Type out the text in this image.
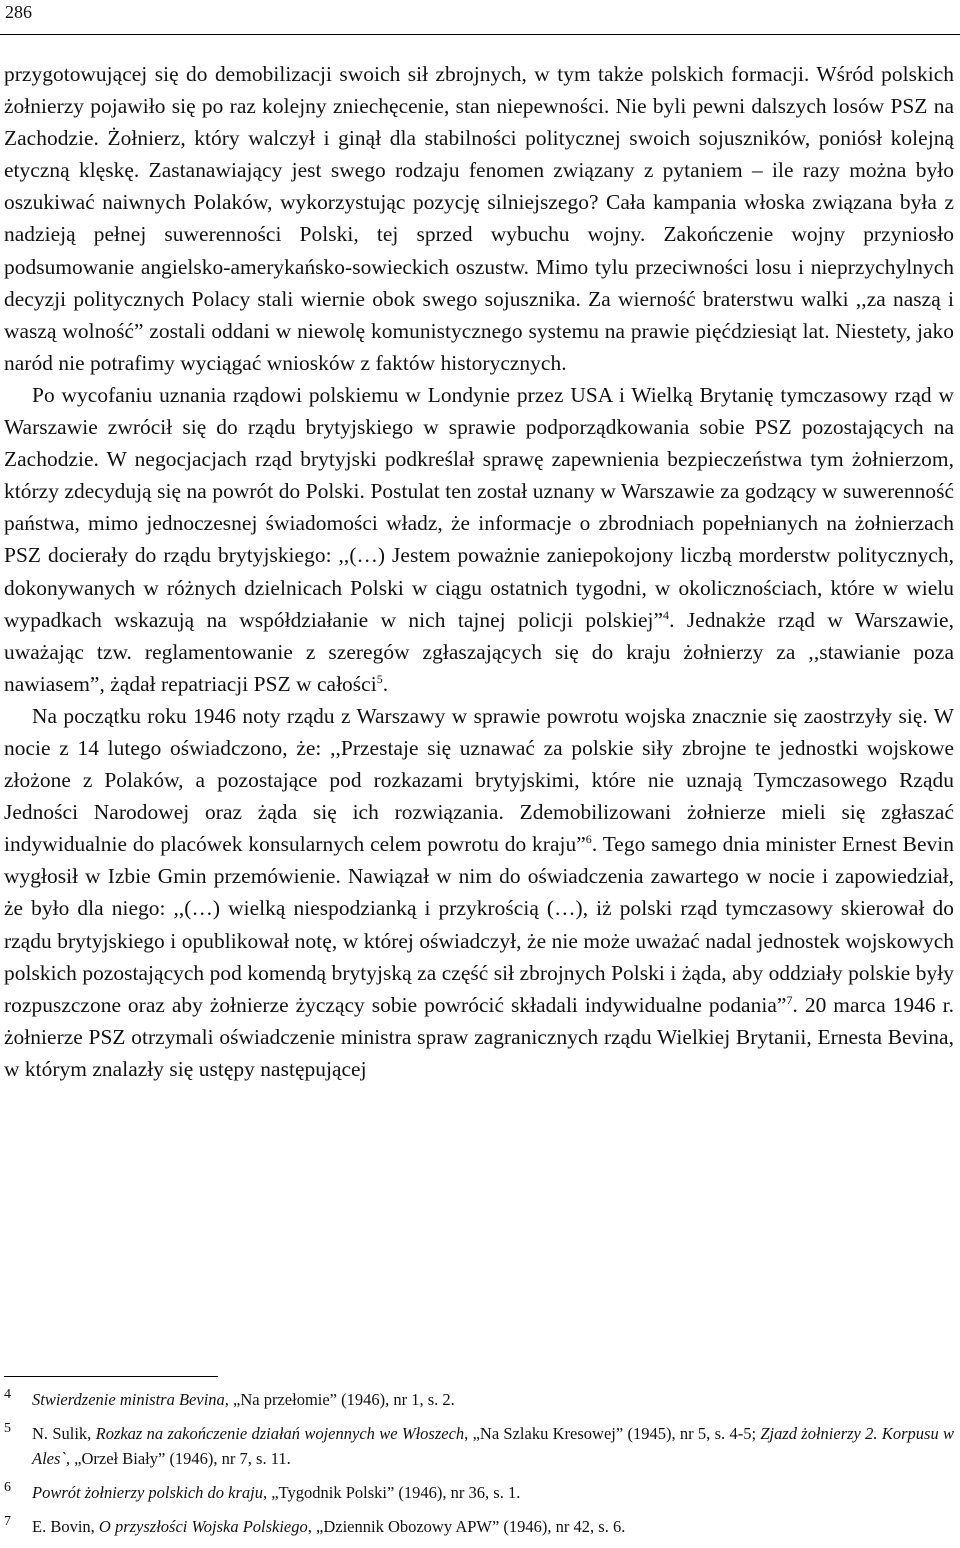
286

przygotowującej się do demobilizacji swoich sił zbrojnych, w tym także polskich formacji. Wśród polskich żołnierzy pojawiło się po raz kolejny zniechęcenie, stan niepewności. Nie byli pewni dalszych losów PSZ na Zachodzie. Żołnierz, który walczył i ginął dla stabilności politycznej swoich sojuszników, poniósł kolejną etyczną klęskę. Zastanawiający jest swego rodzaju fenomen związany z pytaniem – ile razy można było oszukiwać naiwnych Polaków, wykorzystując pozycję silniejszego? Cała kampania włoska związana była z nadzieją pełnej suwerenności Polski, tej sprzed wybuchu wojny. Zakończenie wojny przyniosło podsumowanie angielsko-amerykańsko-sowieckich oszustw. Mimo tylu przeciwności losu i nieprzychylnych decyzji politycznych Polacy stali wiernie obok swego sojusznika. Za wierność braterstwu walki ,,za naszą i waszą wolność” zostali oddani w niewolę komunistycznego systemu na prawie pięćdziesiąt lat. Niestety, jako naród nie potrafimy wyciągać wniosków z faktów historycznych.

Po wycofaniu uznania rządowi polskiemu w Londynie przez USA i Wielką Brytanię tymczasowy rząd w Warszawie zwrócił się do rządu brytyjskiego w sprawie podporządkowania sobie PSZ pozostających na Zachodzie. W negocjacjach rząd brytyjski podkreślał sprawę zapewnienia bezpieczeństwa tym żołnierzom, którzy zdecydują się na powrót do Polski. Postulat ten został uznany w Warszawie za godzący w suwerenność państwa, mimo jednoczesnej świadomości władz, że informacje o zbrodniach popełnianych na żołnierzach PSZ docierały do rządu brytyjskiego: ,,(…) Jestem poważnie zaniepokojony liczbą morderstw politycznych, dokonywanych w różnych dzielnicach Polski w ciągu ostatnich tygodni, w okolicznościach, które w wielu wypadkach wskazują na współdziałanie w nich tajnej policji polskiej”$^4$. Jednakże rząd w Warszawie, uważając tzw. reglamentowanie z szeregów zgłaszających się do kraju żołnierzy za ,,stawianie poza nawiasem”, żądał repatriacji PSZ w całości$^5$.

Na początku roku 1946 noty rządu z Warszawy w sprawie powrotu wojska znacznie się zaostrzyły się. W nocie z 14 lutego oświadczono, że: ,,Przestaje się uznawać za polskie siły zbrojne te jednostki wojskowe złożone z Polaków, a pozostające pod rozkazami brytyjskimi, które nie uznają Tymczasowego Rządu Jedności Narodowej oraz żąda się ich rozwiązania. Zdemobilizowani żołnierze mieli się zgłaszać indywidualnie do placówek konsularnych celem powrotu do kraju”$^6$. Tego samego dnia minister Ernest Bevin wygłosił w Izbie Gmin przemówienie. Nawiązał w nim do oświadczenia zawartego w nocie i zapowiedział, że było dla niego: ,,(…) wielką niespodzianką i przykrością (…), iż polski rząd tymczasowy skierował do rządu brytyjskiego i opublikował notę, w której oświadczył, że nie może uważać nadal jednostek wojskowych polskich pozostających pod komendą brytyjską za część sił zbrojnych Polski i żąda, aby oddziały polskie były rozpuszczone oraz aby żołnierze życzący sobie powrócić składali indywidualne podania”$^7$. 20 marca 1946 r. żołnierze PSZ otrzymali oświadczenie ministra spraw zagranicznych rządu Wielkiej Brytanii, Ernesta Bevina, w którym znalazły się ustępy następującej

4 Stwierdzenie ministra Bevina, „Na przełomie” (1946), nr 1, s. 2.
5 N. Sulik, Rozkaz na zakończenie działań wojennych we Włoszech, „Na Szlaku Kresowej” (1945), nr 5, s. 4-5; Zjazd żołnierzy 2. Korpusu w Ales`, „Orzeł Biały” (1946), nr 7, s. 11.
6 Powrót żołnierzy polskich do kraju, „Tygodnik Polski” (1946), nr 36, s. 1.
7 E. Bovin, O przyszłości Wojska Polskiego, „Dziennik Obozowy APW” (1946), nr 42, s. 6.
